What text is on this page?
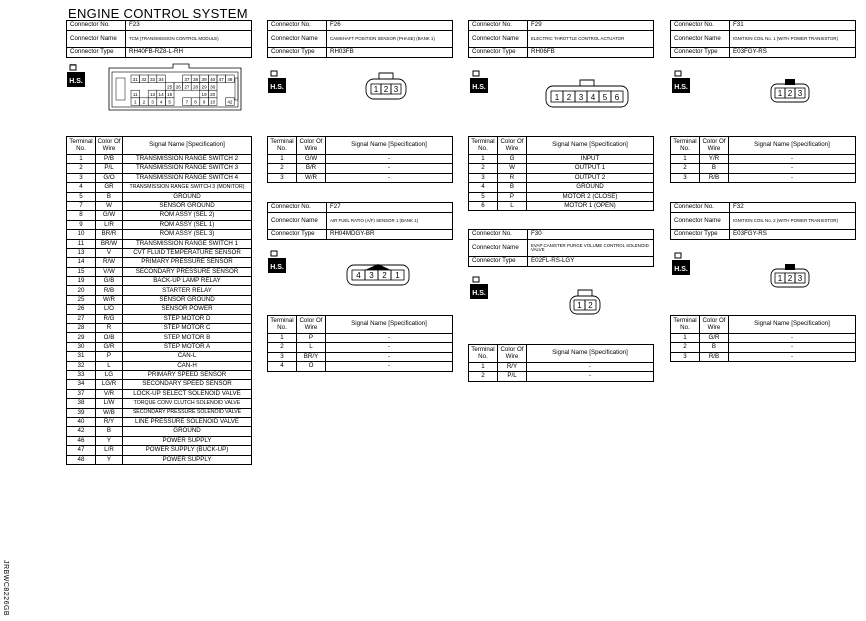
ENGINE CONTROL SYSTEM
JRBWC8226GB
Connector No.	F23
Connector Name	TCM (TRANSMISSION CONTROL MODULE)
Connector Type	RH40FB-RZ8-L-RH
H.S.	31 32 33 34	37 38 39 40 47 48
25 26 27 28 29 30
11	13 14 15	19 20
1 2 3 4 5	7 8 9 10	42
Terminal
No.	Color Of
Wire	Signal Name [Specification]
1	P/B	TRANSMISSION RANGE SWITCH 2
2	P/L	TRANSMISSION RANGE SWITCH 3
3	G/O	TRANSMISSION RANGE SWITCH 4
4	GR	TRANSMISSION RANGE SWITCH 3 (MONITOR)
5	B	GROUND
7	W	SENSOR GROUND
8	G/W	ROM ASSY (SEL 2)
9	L/R	ROM ASSY (SEL 1)
10	BR/R	ROM ASSY (SEL 3)
11	BR/W	TRANSMISSION RANGE SWITCH 1
13	V	CVT FLUID TEMPERATURE SENSOR
14	R/W	PRIMARY PRESSURE SENSOR
15	V/W	SECONDARY PRESSURE SENSOR
19	G/B	BACK-UP LAMP RELAY
20	R/B	STARTER RELAY
25	W/R	SENSOR GROUND
26	L/O	SENSOR POWER
27	R/G	STEP MOTOR D
28	R	STEP MOTOR C
29	O/B	STEP MOTOR B
30	G/R	STEP MOTOR A
31	P	CAN-L
32	L	CAN-H
33	LG	PRIMARY SPEED SENSOR
34	LG/R	SECONDARY SPEED SENSOR
37	V/R	LOCK-UP SELECT SOLENOID VALVE
38	L/W	TORQUE CONV CLUTCH SOLENOID VALVE
39	W/B	SECONDARY PRESSURE SOLENOID VALVE
40	R/Y	LINE PRESSURE SOLENOID VALVE
42	B	GROUND
46	Y	POWER SUPPLY
47	L/R	POWER SUPPLY (BUCK-UP)
48	Y	POWER SUPPLY
Connector No.	F26
Connector Name	CAMSHAFT POSITION SENSOR (PHASE) (BANK 1)
Connector Type	RH03FB
H.S.	1 2 3
Terminal
No.	Color Of
Wire	Signal Name [Specification]
1	G/W	-
2	B/R	-
3	W/R	-
Connector No.	F27
Connector Name	AIR FUEL RATIO (A/F) SENSOR 1 (BANK 1)
Connector Type	RH04MDGY-BR
H.S.
4 3 2 1
Terminal
No.	Color Of
Wire	Signal Name [Specification]
1	P	-
2	L	-
3	BR/Y	-
4	O	-
Connector No.	F29
Connector Name	ELECTRIC THROTTLE CONTROL ACTUATOR
Connector Type	RH06FB
H.S.
1 2 3 4 5 6
Terminal
No.	Color Of
Wire	Signal Name [Specification]
1	G	INPUT
2	W	OUTPUT 1
3	R	OUTPUT 2
4	B	GROUND
5	P	MOTOR 2 (CLOSE)
6	L	MOTOR 1 (OPEN)
Connector No.	F30
Connector Name	EVAP CANISTER PURGE VOLUME CONTROL SOLENOID VALVE
Connector Type	E02FL-RS-LGY
H.S.
1 2
Terminal
No.	Color Of
Wire	Signal Name [Specification]
1	R/Y	-
2	P/L	-
Connector No.	F31
Connector Name	IGNITION COIL No. 1 (WITH POWER TRANSISTOR)
Connector Type	E03FGY-RS
H.S.
1 2 3
Terminal
No.	Color Of
Wire	Signal Name [Specification]
1	Y/R	-
2	B	-
3	R/B	-
Connector No.	F32
Connector Name	IGNITION COIL No. 2 (WITH POWER TRANSISTOR)
Connector Type	E03FGY-RS
H.S.
1 2 3
Terminal
No.	Color Of
Wire	Signal Name [Specification]
1	G/R	-
2	B	-
3	R/B	-
